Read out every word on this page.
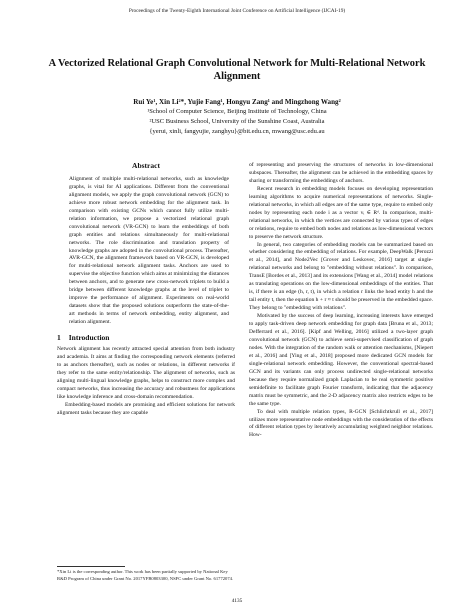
Proceedings of the Twenty-Eighth International Joint Conference on Artificial Intelligence (IJCAI-19)
A Vectorized Relational Graph Convolutional Network for Multi-Relational Network Alignment
Rui Ye¹, Xin Li²*, Yujie Fang¹, Hongyu Zang¹ and Mingzhong Wang²
¹School of Computer Science, Beijing Institute of Technology, China
²USC Business School, University of the Sunshine Coast, Australia
{yerui, xinli, fangyujie, zanghyu}@bit.edu.cn, mwang@usc.edu.au
Abstract

Alignment of multiple multi-relational networks, such as knowledge graphs, is vital for AI applications. Different from the conventional alignment models, we apply the graph convolutional network (GCN) to achieve more robust network embedding for the alignment task. In comparison with existing GCNs which cannot fully utilize multi-relation information, we propose a vectorized relational graph convolutional network (VR-GCN) to learn the embeddings of both graph entities and relations simultaneously for multi-relational networks. The role discrimination and translation property of knowledge graphs are adopted in the convolutional process. Thereafter, AVR-GCN, the alignment framework based on VR-GCN, is developed for multi-relational network alignment tasks. Anchors are used to supervise the objective function which aims at minimizing the distances between anchors, and to generate new cross-network triplets to build a bridge between different knowledge graphs at the level of triplet to improve the performance of alignment. Experiments on real-world datasets show that the proposed solutions outperform the state-of-the-art methods in terms of network embedding, entity alignment, and relation alignment.

1 Introduction

Network alignment has recently attracted special attention from both industry and academia. It aims at finding the corresponding network elements (referred to as anchors thereafter), such as nodes or relations, in different networks if they refer to the same entity/relationship. The alignment of networks, such as aligning multi-lingual knowledge graphs, helps to construct more complex and compact networks, thus increasing the accuracy and robustness for applications like knowledge inference and cross-domain recommendation.

Embedding-based models are promising and efficient solutions for network alignment tasks because they are capable

*Xin Li is the corresponding author. This work has been partially supported by National Key R&D Program of China under Grant No. 2017YFB0803300, NSFC under Grant No. 61772074.

of representing and preserving the structures of networks in low-dimensional subspaces. Thereafter, the alignment can be achieved in the embedding spaces by sharing or transforming the embeddings of anchors.

Recent research in embedding models focuses on developing representation learning algorithms to acquire numerical representations of networks. Single-relational networks, in which all edges are of the same type, require to embed only nodes by representing each node i as a vector vᵢ ∈ Rᵈ. In comparison, multi-relational networks, in which the vertices are connected by various types of edges or relations, require to embed both nodes and relations as low-dimensional vectors to preserve the network structure.

In general, two categories of embedding models can be summarized based on whether considering the embedding of relations. For example, DeepWalk [Perozzi et al., 2014], and Node2Vec [Grover and Leskovec, 2016] target at single-relational networks and belong to "embedding without relations". In comparison, TransE [Bordes et al., 2013] and its extensions [Wang et al., 2014] model relations as translating operations on the low-dimensional embeddings of the entities. That is, if there is an edge (h, r, t), in which a relation r links the head entity h and the tail entity t, then the equation h + r ≈ t should be preserved in the embedded space. They belong to "embedding with relations".

Motivated by the success of deep learning, increasing interests have emerged to apply task-driven deep network embedding for graph data [Bruna et al., 2013; Defferrard et al., 2016]. [Kipf and Welling, 2016] utilized a two-layer graph convolutional network (GCN) to achieve semi-supervised classification of graph nodes. With the integration of the random walk or attention mechanisms, [Niepert et al., 2016] and [Ying et al., 2018] proposed more dedicated GCN models for single-relational network embedding. However, the conventional spectral-based GCN and its variants can only process undirected single-relational networks because they require normalized graph Laplacian to be real symmetric positive semidefinite to facilitate graph Fourier transform, indicating that the adjacency matrix must be symmetric, and the 2-D adjacency matrix also restricts edges to be the same type.

To deal with multiple relation types, R-GCN [Schlichtkrull et al., 2017] utilizes more representative node embeddings with the consideration of the effects of different relation types by iteratively accumulating weighted neighbor relations. How-

4135
